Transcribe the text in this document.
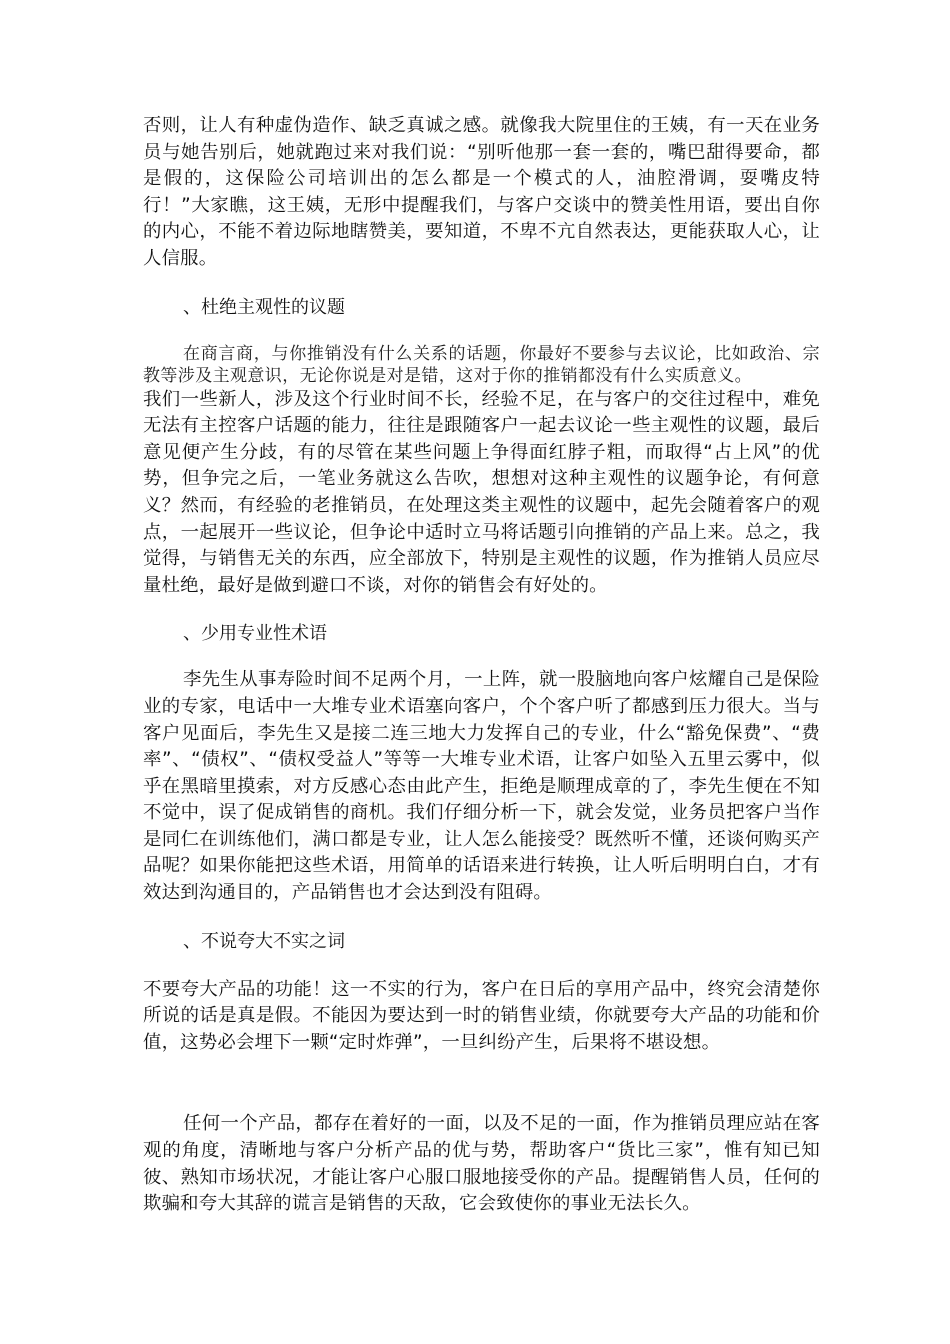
否则，让人有种虚伪造作、缺乏真诚之感。就像我大院里住的王姨，有一天在业务员与她告别后，她就跑过来对我们说：“别听他那一套一套的，嘴巴甜得要命，都是假的，这保险公司培训出的怎么都是一个模式的人，油腔滑调，耍嘴皮特行！”大家瞧，这王姨，无形中提醒我们，与客户交谈中的赞美性用语，要出自你的内心，不能不着边际地瞎赞美，要知道，不卑不亢自然表达，更能获取人心，让人信服。

、杜绝主观性的议题

在商言商，与你推销没有什么关系的话题，你最好不要参与去议论，比如政治、宗教等涉及主观意识，无论你说是对是错，这对于你的推销都没有什么实质意义。

我们一些新人，涉及这个行业时间不长，经验不足，在与客户的交往过程中，难免无法有主控客户话题的能力，往往是跟随客户一起去议论一些主观性的议题，最后意见便产生分歧，有的尽管在某些问题上争得面红脖子粗，而取得“占上风”的优势，但争完之后，一笔业务就这么告吹，想想对这种主观性的议题争论，有何意义？然而，有经验的老推销员，在处理这类主观性的议题中，起先会随着客户的观点，一起展开一些议论，但争论中适时立马将话题引向推销的产品上来。总之，我觉得，与销售无关的东西，应全部放下，特别是主观性的议题，作为推销人员应尽量杜绝，最好是做到避口不谈，对你的销售会有好处的。

、少用专业性术语

李先生从事寿险时间不足两个月，一上阵，就一股脑地向客户炫耀自己是保险业的专家，电话中一大堆专业术语塞向客户，个个客户听了都感到压力很大。当与客户见面后，李先生又是接二连三地大力发挥自己的专业，什么“豁免保费”、“费率”、“债权”、“债权受益人”等等一大堆专业术语，让客户如坠入五里云雾中，似乎在黑暗里摸索，对方反感心态由此产生，拒绝是顺理成章的了，李先生便在不知不觉中，误了促成销售的商机。我们仔细分析一下，就会发觉，业务员把客户当作是同仁在训练他们，满口都是专业，让人怎么能接受？既然听不懂，还谈何购买产品呢？如果你能把这些术语，用简单的话语来进行转换，让人听后明明白白，才有效达到沟通目的，产品销售也才会达到没有阻碍。

、不说夸大不实之词

不要夸大产品的功能！这一不实的行为，客户在日后的享用产品中，终究会清楚你所说的话是真是假。不能因为要达到一时的销售业绩，你就要夸大产品的功能和价值，这势必会埋下一颗“定时炸弹”，一旦纠纷产生，后果将不堪设想。

任何一个产品，都存在着好的一面，以及不足的一面，作为推销员理应站在客观的角度，清晰地与客户分析产品的优与势，帮助客户“货比三家”，惟有知已知彼、熟知市场状况，才能让客户心服口服地接受你的产品。提醒销售人员，任何的欺骗和夸大其辞的谎言是销售的天敌，它会致使你的事业无法长久。
